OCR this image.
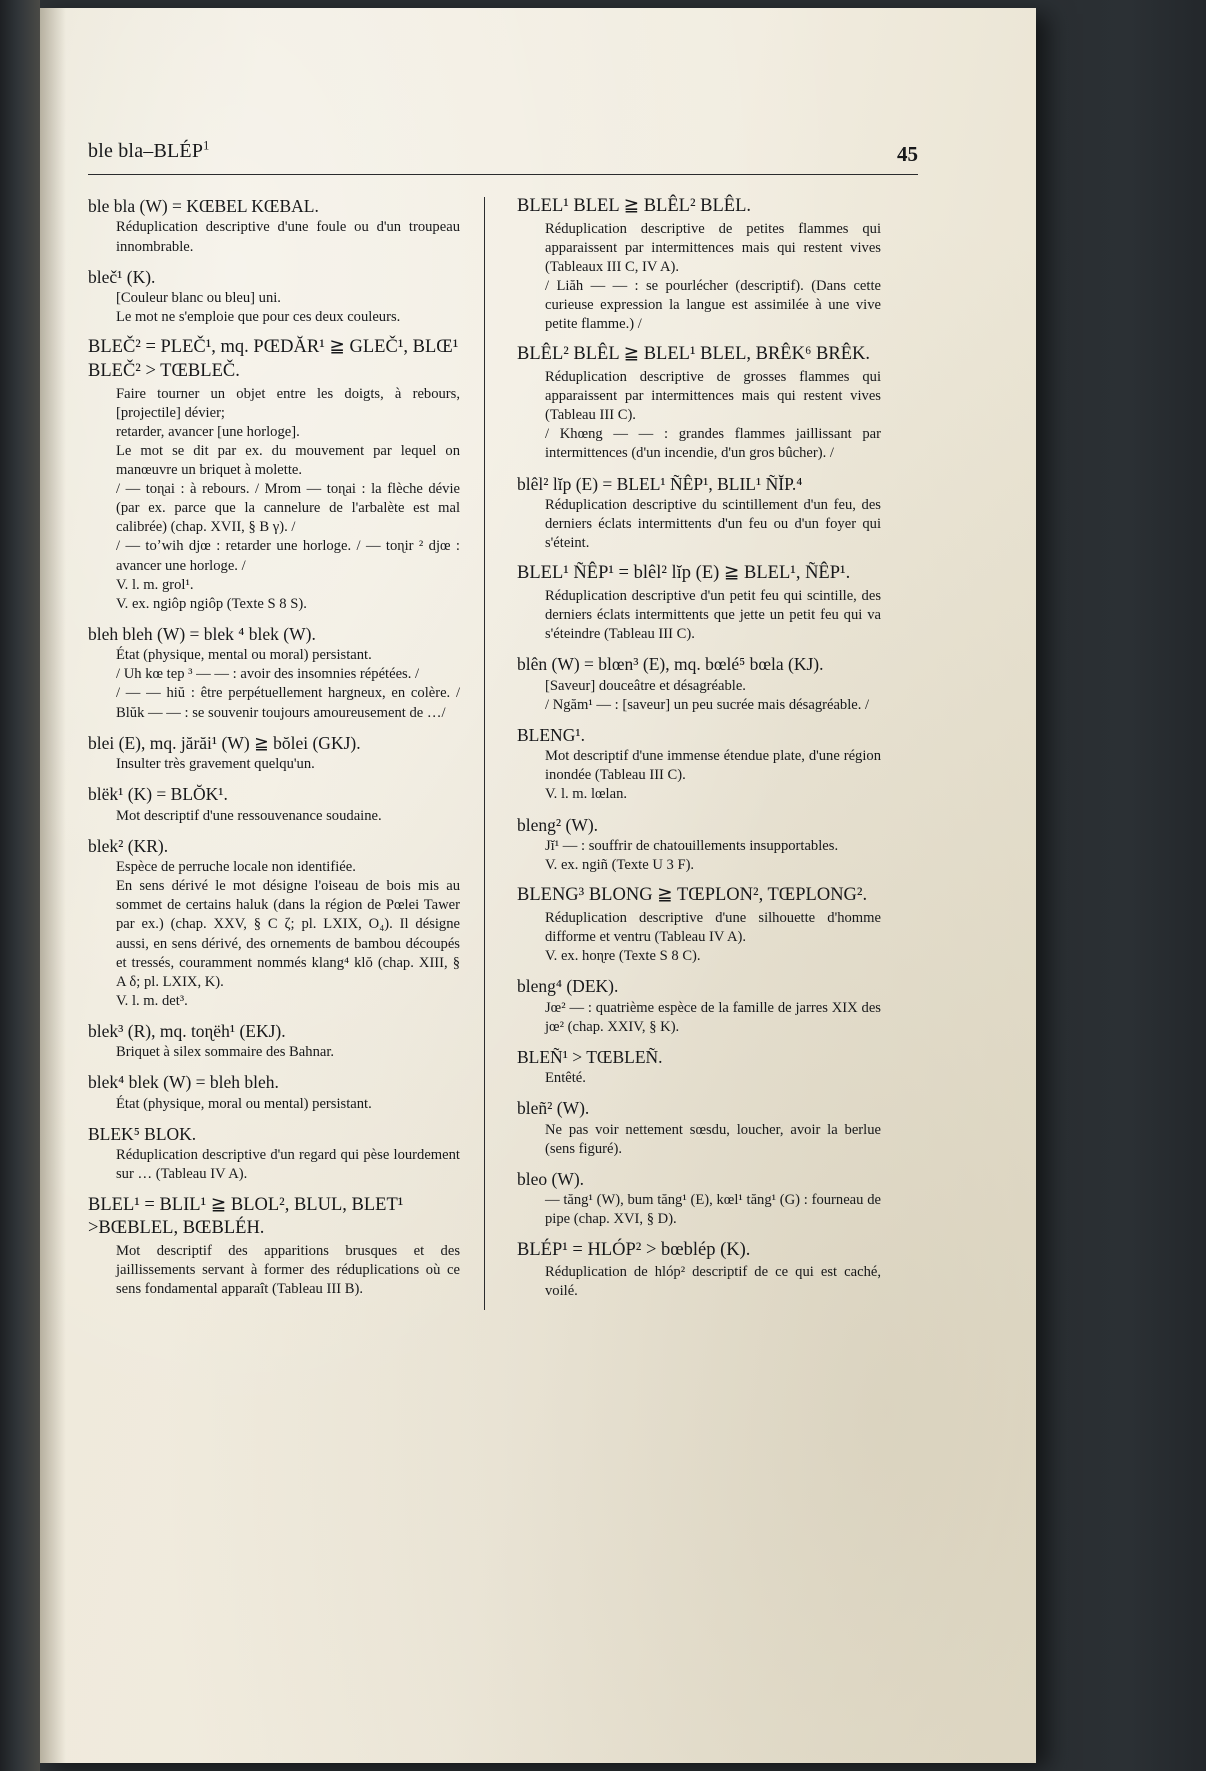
ble bla–BLÉP$^1$	45
ble bla (W) = KŒBEL KŒBAL.
Réduplication descriptive d'une foule ou d'un troupeau innombrable.
bleč¹ (K).
[Couleur blanc ou bleu] uni.
Le mot ne s'emploie que pour ces deux couleurs.
BLEČ² = PLEČ¹, mq. PŒDĂR¹ ≧ GLEČ¹, BLŒ¹ BLEČ² > TŒBLEČ.
Faire tourner un objet entre les doigts, à rebours, [projectile] dévier;
retarder, avancer [une horloge].
Le mot se dit par ex. du mouvement par lequel on manœuvre un briquet à molette.
/ — toɳai : à rebours. / Mrom — toɳai : la flèche dévie (par ex. parce que la cannelure de l'arbalète est mal calibrée) (chap. XVII, § B γ). /
/ — toʼwih djœ : retarder une horloge. / — toɳir ² djœ : avancer une horloge. /
V. l. m. grol¹.
V. ex. ngiôp ngiôp (Texte S 8 S).
bleh bleh (W) = blek ⁴ blek (W).
État (physique, mental ou moral) persistant.
/ Uh kœ tep ³ — — : avoir des insomnies répétées. /
/ — — hiŭ : être perpétuellement hargneux, en colère. / Blŭk — — : se souvenir toujours amoureusement de …/
blei (E), mq. jărăi¹ (W) ≧ bŏlei (GKJ).
Insulter très gravement quelqu'un.
blëk¹ (K) = BLŎK¹.
Mot descriptif d'une ressouvenance soudaine.
blek² (KR).
Espèce de perruche locale non identifiée.
En sens dérivé le mot désigne l'oiseau de bois mis au sommet de certains haluk (dans la région de Pœlei Tawer par ex.) (chap. XXV, § C ζ; pl. LXIX, O₄). Il désigne aussi, en sens dérivé, des ornements de bambou découpés et tressés, couramment nommés klang⁴ klŏ (chap. XIII, § A δ; pl. LXIX, K).
V. l. m. det³.
blek³ (R), mq. toɳëh¹ (EKJ).
Briquet à silex sommaire des Bahnar.
blek⁴ blek (W) = bleh bleh.
État (physique, moral ou mental) persistant.
BLEK⁵ BLOK.
Réduplication descriptive d'un regard qui pèse lourdement sur … (Tableau IV A).
BLEL¹ = BLIL¹ ≧ BLOL², BLUL, BLET¹ >BŒBLEL, BŒBLÉH.
Mot descriptif des apparitions brusques et des jaillissements servant à former des réduplications où ce sens fondamental apparaît (Tableau III B).
BLEL¹ BLEL ≧ BLÊL² BLÊL.
Réduplication descriptive de petites flammes qui apparaissent par intermittences mais qui restent vives (Tableaux III C, IV A).
/ Liăh — — : se pourlécher (descriptif). (Dans cette curieuse expression la langue est assimilée à une vive petite flamme.) /
BLÊL² BLÊL ≧ BLEL¹ BLEL, BRÊK⁶ BRÊK.
Réduplication descriptive de grosses flammes qui apparaissent par intermittences mais qui restent vives (Tableau III C).
/ Khœng — — : grandes flammes jaillissant par intermittences (d'un incendie, d'un gros bûcher). /
blêl² lĭp (E) = BLEL¹ ÑÊP¹, BLIL¹ ÑĬP.⁴
Réduplication descriptive du scintillement d'un feu, des derniers éclats intermittents d'un feu ou d'un foyer qui s'éteint.
BLEL¹ ÑÊP¹ = blêl² lĭp (E) ≧ BLEL¹, ÑÊP¹.
Réduplication descriptive d'un petit feu qui scintille, des derniers éclats intermittents que jette un petit feu qui va s'éteindre (Tableau III C).
blên (W) = blœn³ (E), mq. bœlé⁵ bœla (KJ).
[Saveur] douceâtre et désagréable.
/ Ngăm¹ — : [saveur] un peu sucrée mais désagréable. /
BLENG¹.
Mot descriptif d'une immense étendue plate, d'une région inondée (Tableau III C).
V. l. m. lœlan.
bleng² (W).
Jĭ¹ — : souffrir de chatouillements insupportables.
V. ex. ngiñ (Texte U 3 F).
BLENG³ BLONG ≧ TŒPLON², TŒPLONG².
Réduplication descriptive d'une silhouette d'homme difforme et ventru (Tableau IV A).
V. ex. hoɳre (Texte S 8 C).
bleng⁴ (DEK).
Jœ² — : quatrième espèce de la famille de jarres XIX des jœ² (chap. XXIV, § K).
BLEÑ¹ > TŒBLEÑ.
Entêté.
bleñ² (W).
Ne pas voir nettement sœsdu, loucher, avoir la berlue (sens figuré).
bleo (W).
— tăng¹ (W), bum tăng¹ (E), kœl¹ tăng¹ (G) : fourneau de pipe (chap. XVI, § D).
BLÉP¹ = HLÓP² > bœblép (K).
Réduplication de hlóp² descriptif de ce qui est caché, voilé.
